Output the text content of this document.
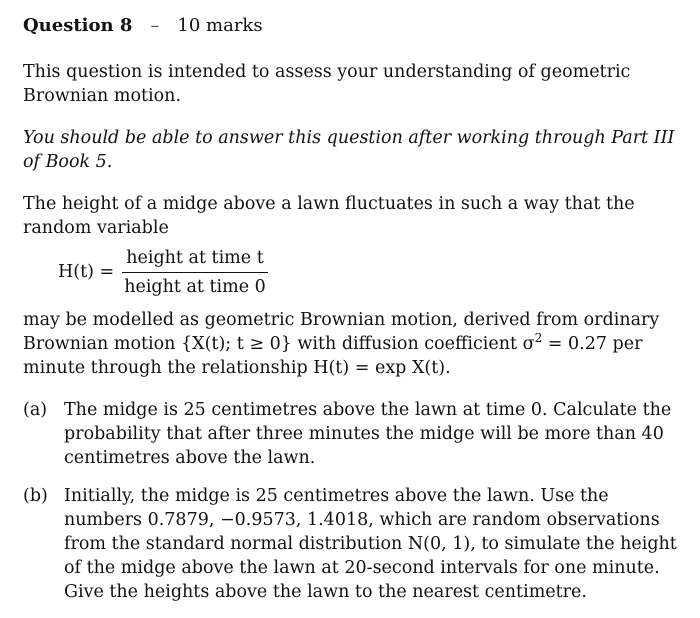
Question 8 – 10 marks

This question is intended to assess your understanding of geometric Brownian motion.

You should be able to answer this question after working through Part III of Book 5.

The height of a midge above a lawn fluctuates in such a way that the random variable

$H(t) = \frac{\text{height at time t}}{\text{height at time 0}}$

may be modelled as geometric Brownian motion, derived from ordinary Brownian motion {X(t); t ≥ 0} with diffusion coefficient $\sigma^2 = 0.27$ per minute through the relationship H(t) = exp X(t).

(a) The midge is 25 centimetres above the lawn at time 0. Calculate the probability that after three minutes the midge will be more than 40 centimetres above the lawn.
(b) Initially, the midge is 25 centimetres above the lawn. Use the numbers 0.7879, −0.9573, 1.4018, which are random observations from the standard normal distribution N(0, 1), to simulate the height of the midge above the lawn at 20-second intervals for one minute. Give the heights above the lawn to the nearest centimetre.
